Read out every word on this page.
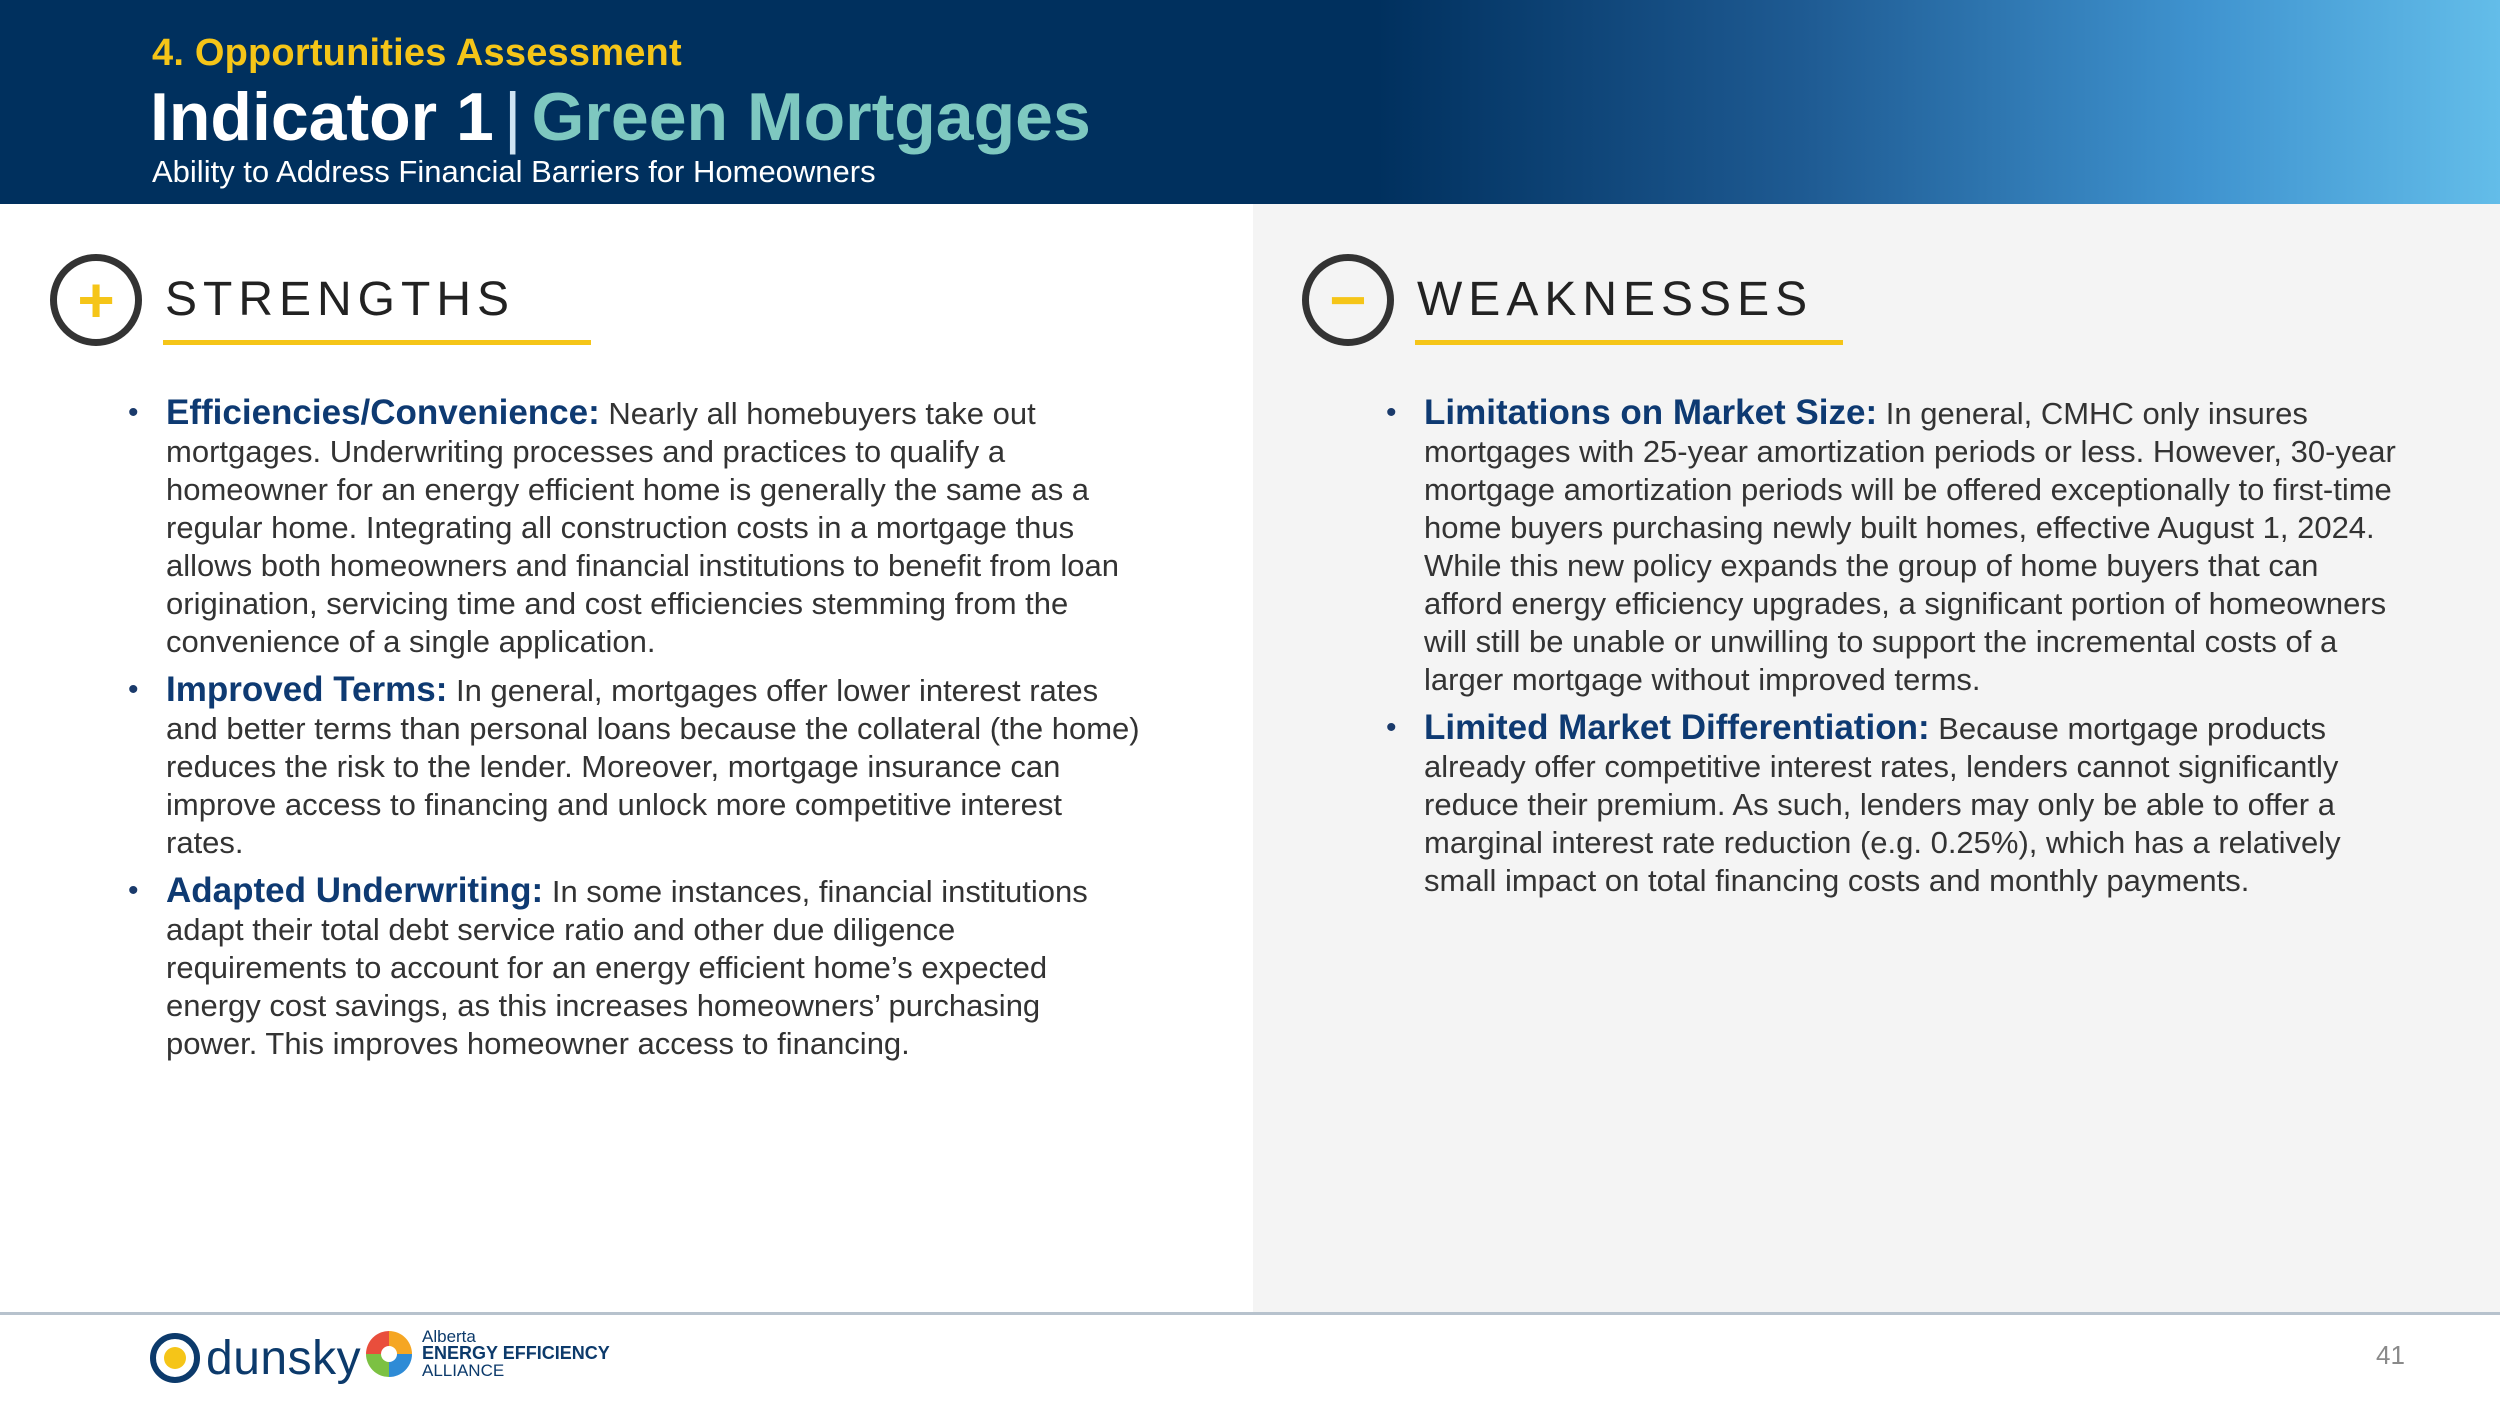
4. Opportunities Assessment
Indicator 1 | Green Mortgages
Ability to Address Financial Barriers for Homeowners
+	STRENGTHS
• Efficiencies/Convenience: Nearly all homebuyers take out mortgages. Underwriting processes and practices to qualify a homeowner for an energy efficient home is generally the same as a regular home. Integrating all construction costs in a mortgage thus allows both homeowners and financial institutions to benefit from loan origination, servicing time and cost efficiencies stemming from the convenience of a single application.
• Improved Terms: In general, mortgages offer lower interest rates and better terms than personal loans because the collateral (the home) reduces the risk to the lender. Moreover, mortgage insurance can improve access to financing and unlock more competitive interest rates.
• Adapted Underwriting: In some instances, financial institutions adapt their total debt service ratio and other due diligence requirements to account for an energy efficient home’s expected energy cost savings, as this increases homeowners’ purchasing power. This improves homeowner access to financing.
−	WEAKNESSES
• Limitations on Market Size: In general, CMHC only insures mortgages with 25-year amortization periods or less. However, 30-year mortgage amortization periods will be offered exceptionally to first-time home buyers purchasing newly built homes, effective August 1, 2024. While this new policy expands the group of home buyers that can afford energy efficiency upgrades, a significant portion of homeowners will still be unable or unwilling to support the incremental costs of a larger mortgage without improved terms.
• Limited Market Differentiation: Because mortgage products already offer competitive interest rates, lenders cannot significantly reduce their premium. As such, lenders may only be able to offer a marginal interest rate reduction (e.g. 0.25%), which has a relatively small impact on total financing costs and monthly payments.
dunsky	Alberta
ENERGY EFFICIENCY
ALLIANCE
41
